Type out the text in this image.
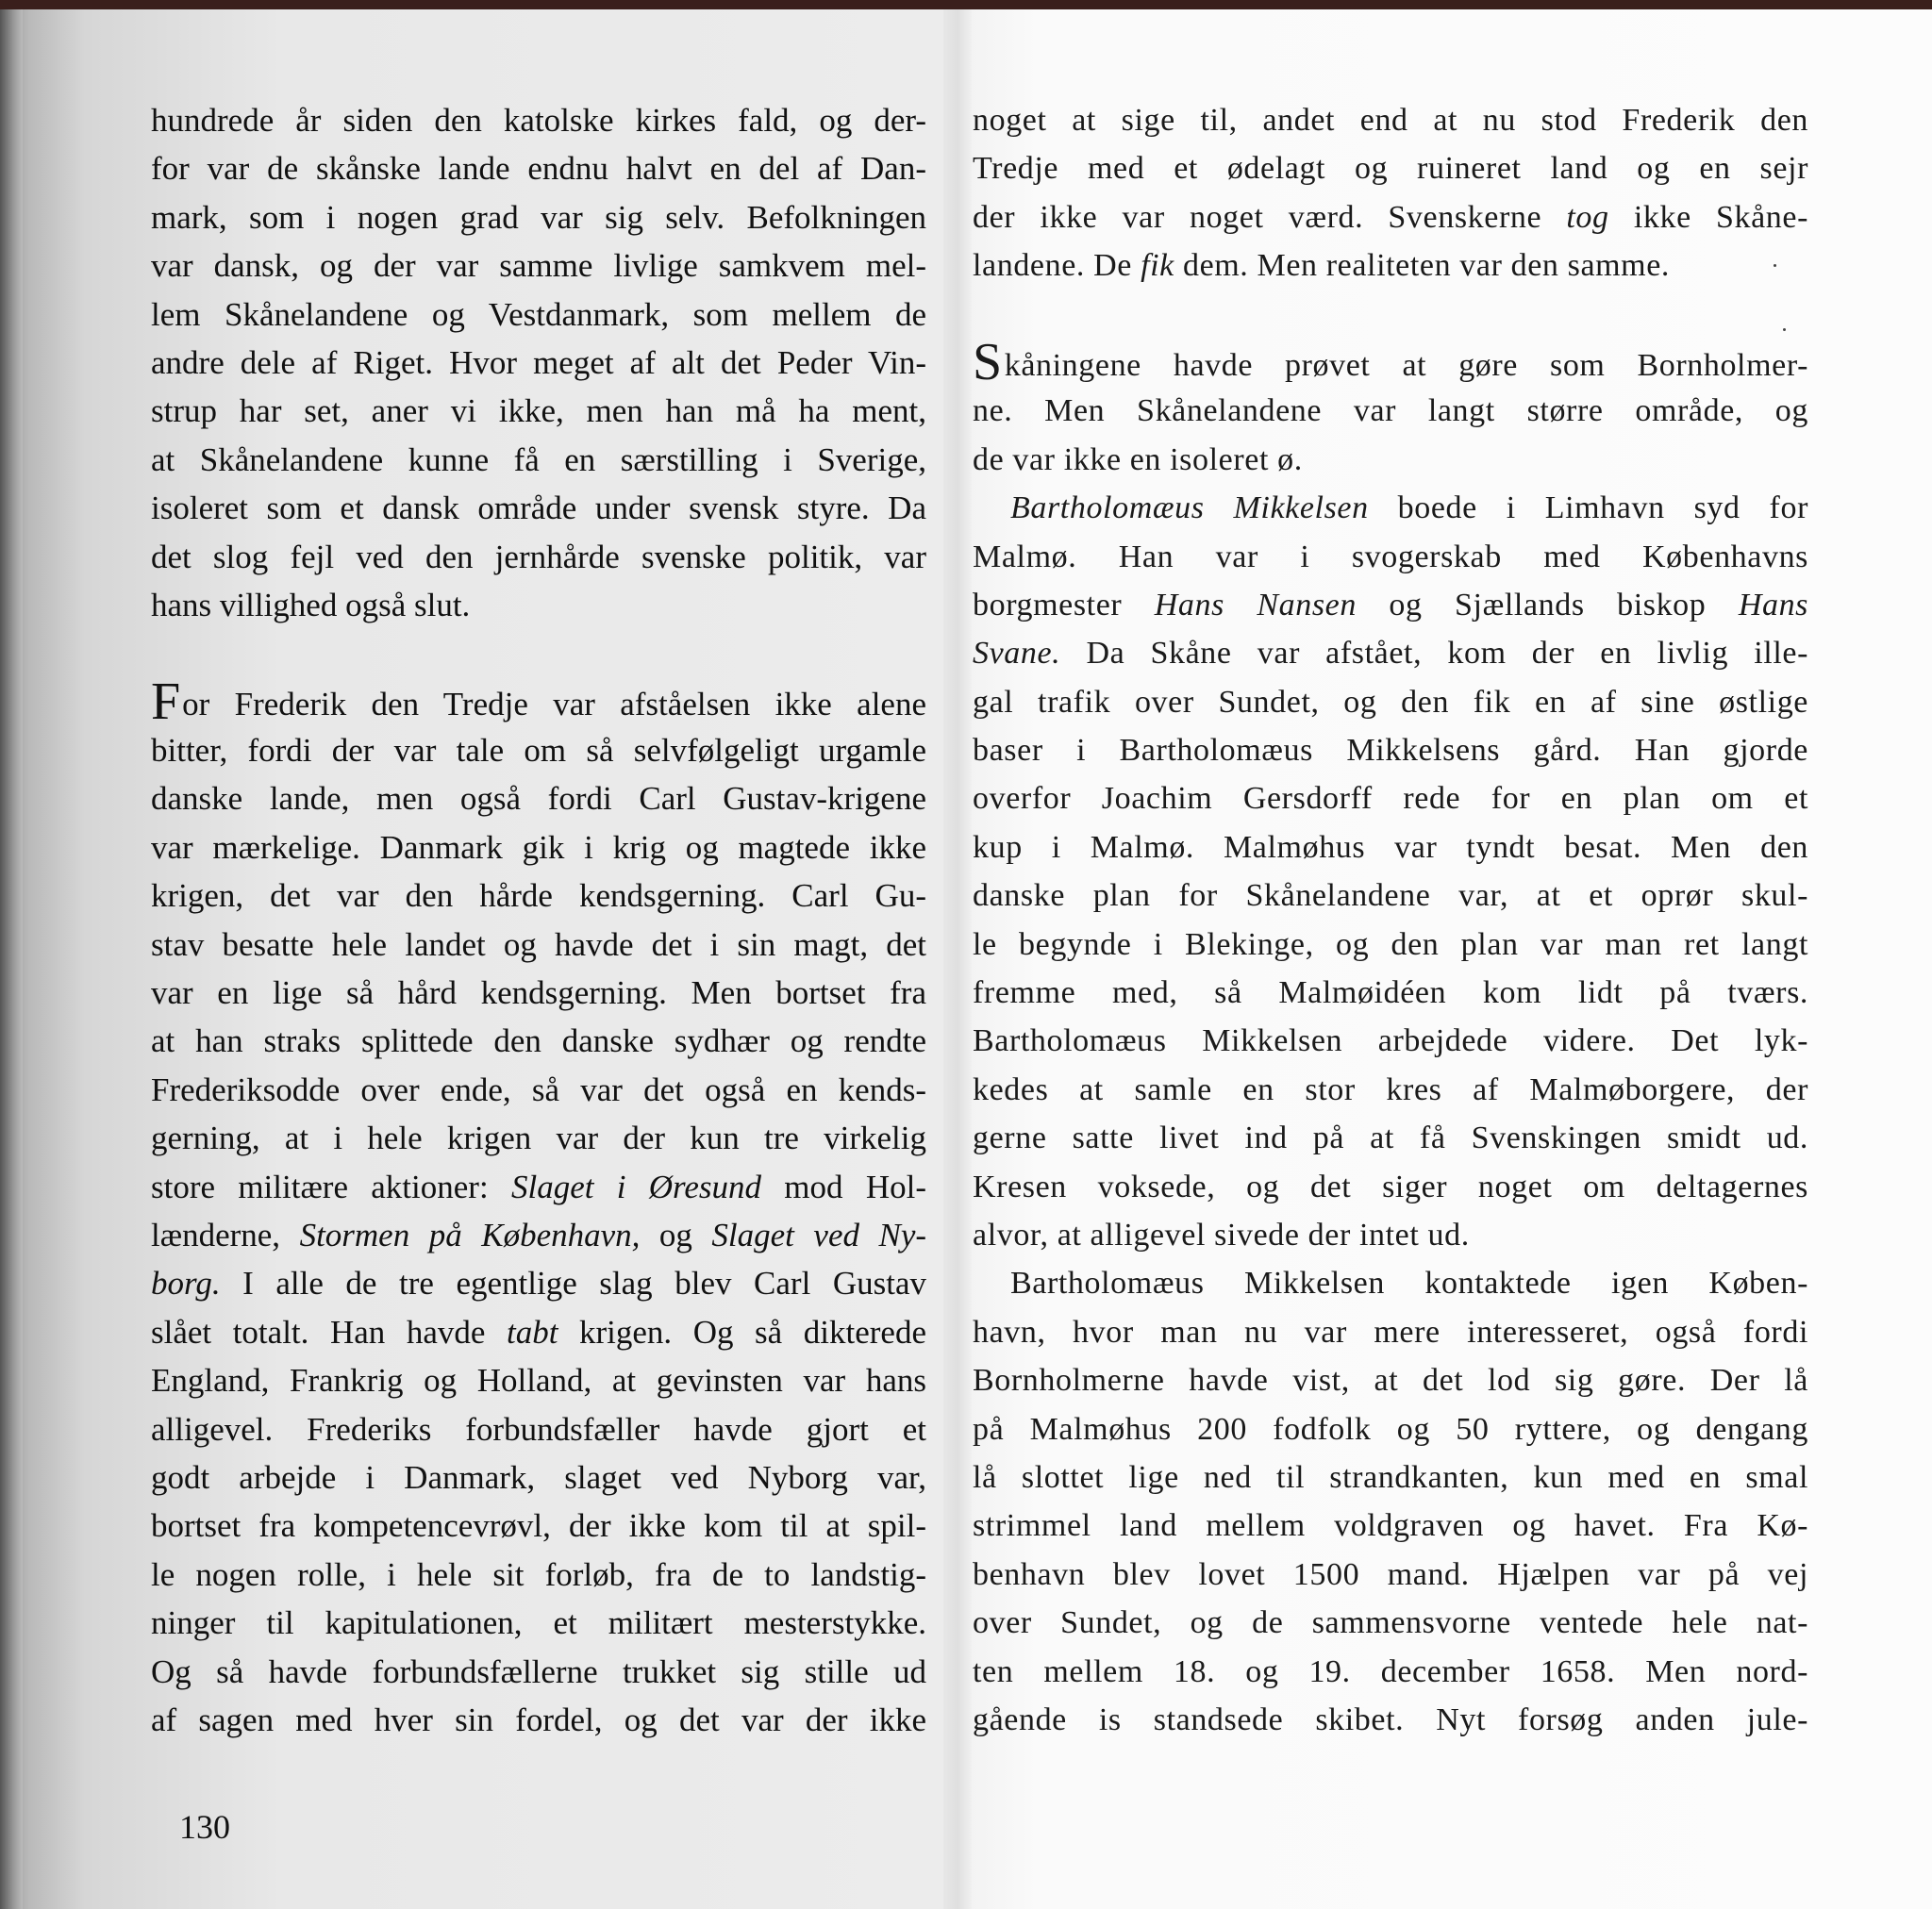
hundrede år siden den katolske kirkes fald, og der-
for var de skånske lande endnu halvt en del af Dan-
mark, som i nogen grad var sig selv. Befolkningen
var dansk, og der var samme livlige samkvem mel-
lem Skånelandene og Vestdanmark, som mellem de
andre dele af Riget. Hvor meget af alt det Peder Vin-
strup har set, aner vi ikke, men han må ha ment,
at Skånelandene kunne få en særstilling i Sverige,
isoleret som et dansk område under svensk styre. Da
det slog fejl ved den jernhårde svenske politik, var
hans villighed også slut.
For Frederik den Tredje var afståelsen ikke alene
bitter, fordi der var tale om så selvfølgeligt urgamle
danske lande, men også fordi Carl Gustav-krigene
var mærkelige. Danmark gik i krig og magtede ikke
krigen, det var den hårde kendsgerning. Carl Gu-
stav besatte hele landet og havde det i sin magt, det
var en lige så hård kendsgerning. Men bortset fra
at han straks splittede den danske sydhær og rendte
Frederiksodde over ende, så var det også en kends-
gerning, at i hele krigen var der kun tre virkelig
store militære aktioner: Slaget i Øresund mod Hol-
lænderne, Stormen på København, og Slaget ved Ny-
borg. I alle de tre egentlige slag blev Carl Gustav
slået totalt. Han havde tabt krigen. Og så dikterede
England, Frankrig og Holland, at gevinsten var hans
alligevel. Frederiks forbundsfæller havde gjort et
godt arbejde i Danmark, slaget ved Nyborg var,
bortset fra kompetencevrøvl, der ikke kom til at spil-
le nogen rolle, i hele sit forløb, fra de to landstig-
ninger til kapitulationen, et militært mesterstykke.
Og så havde forbundsfællerne trukket sig stille ud
af sagen med hver sin fordel, og det var der ikke
130
noget at sige til, andet end at nu stod Frederik den
Tredje med et ødelagt og ruineret land og en sejr
der ikke var noget værd. Svenskerne tog ikke Skåne-
landene. De fik dem. Men realiteten var den samme.
Skåningene havde prøvet at gøre som Bornholmer-
ne. Men Skånelandene var langt større område, og
de var ikke en isoleret ø.
Bartholomæus Mikkelsen boede i Limhavn syd for
Malmø. Han var i svogerskab med Københavns
borgmester Hans Nansen og Sjællands biskop Hans
Svane. Da Skåne var afstået, kom der en livlig ille-
gal trafik over Sundet, og den fik en af sine østlige
baser i Bartholomæus Mikkelsens gård. Han gjorde
overfor Joachim Gersdorff rede for en plan om et
kup i Malmø. Malmøhus var tyndt besat. Men den
danske plan for Skånelandene var, at et oprør skul-
le begynde i Blekinge, og den plan var man ret langt
fremme med, så Malmøidéen kom lidt på tværs.
Bartholomæus Mikkelsen arbejdede videre. Det lyk-
kedes at samle en stor kres af Malmøborgere, der
gerne satte livet ind på at få Svenskingen smidt ud.
Kresen voksede, og det siger noget om deltagernes
alvor, at alligevel sivede der intet ud.
Bartholomæus Mikkelsen kontaktede igen Køben-
havn, hvor man nu var mere interesseret, også fordi
Bornholmerne havde vist, at det lod sig gøre. Der lå
på Malmøhus 200 fodfolk og 50 ryttere, og dengang
lå slottet lige ned til strandkanten, kun med en smal
strimmel land mellem voldgraven og havet. Fra Kø-
benhavn blev lovet 1500 mand. Hjælpen var på vej
over Sundet, og de sammensvorne ventede hele nat-
ten mellem 18. og 19. december 1658. Men nord-
gående is standsede skibet. Nyt forsøg anden jule-
